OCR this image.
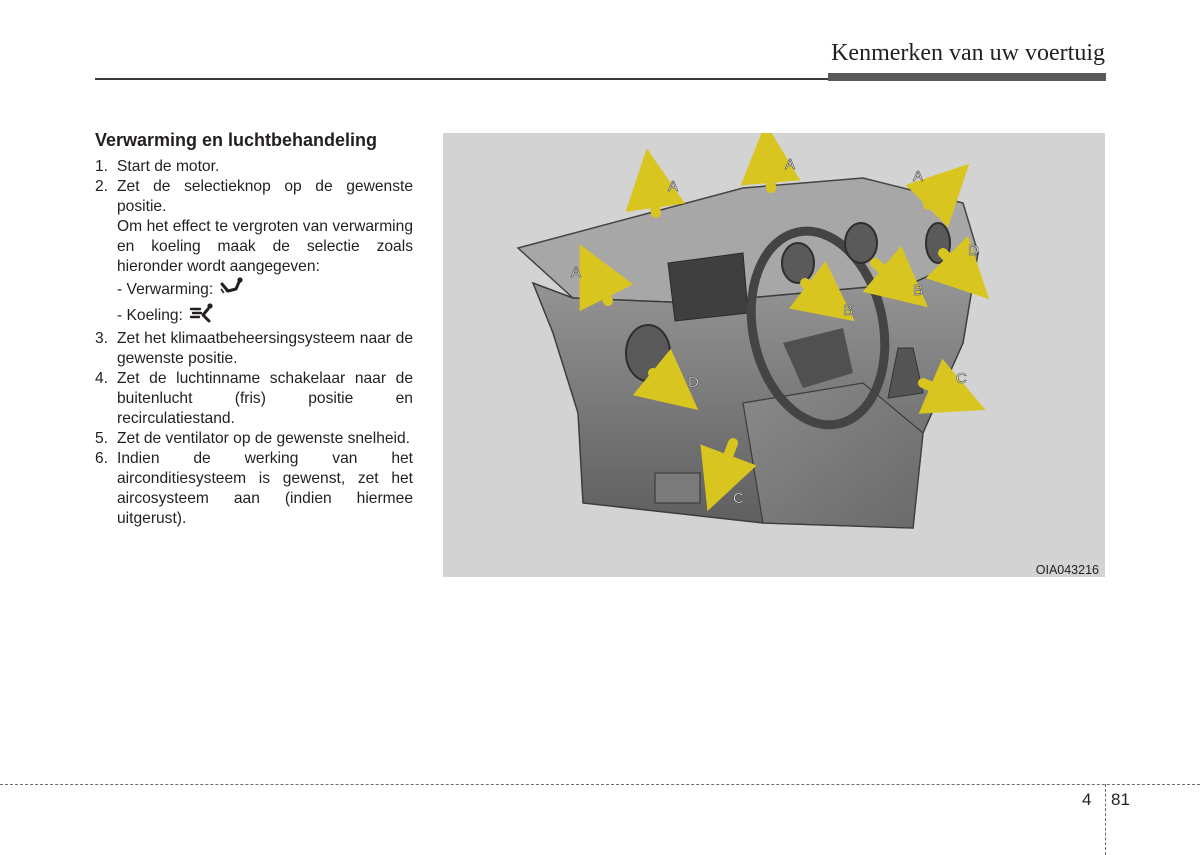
Kenmerken van uw voertuig
Verwarming en luchtbehandeling
1. Start de motor.
2. Zet de selectieknop op de gewenste positie.
Om het effect te vergroten van verwarming en koeling maak de selectie zoals hieronder wordt aangegeven:
- Verwarming:
- Koeling:
3. Zet het klimaatbeheersingsysteem naar de gewenste positie.
4. Zet de luchtinname schakelaar naar de buitenlucht (fris) positie en recirculatiestand.
5. Zet de ventilator op de gewenste snelheid.
6. Indien de werking van het airconditiesysteem is gewenst, zet het aircosysteem aan (indien hiermee uitgerust).
A
A
A
A
B
B
C
C
D
D
OIA043216
4 81
